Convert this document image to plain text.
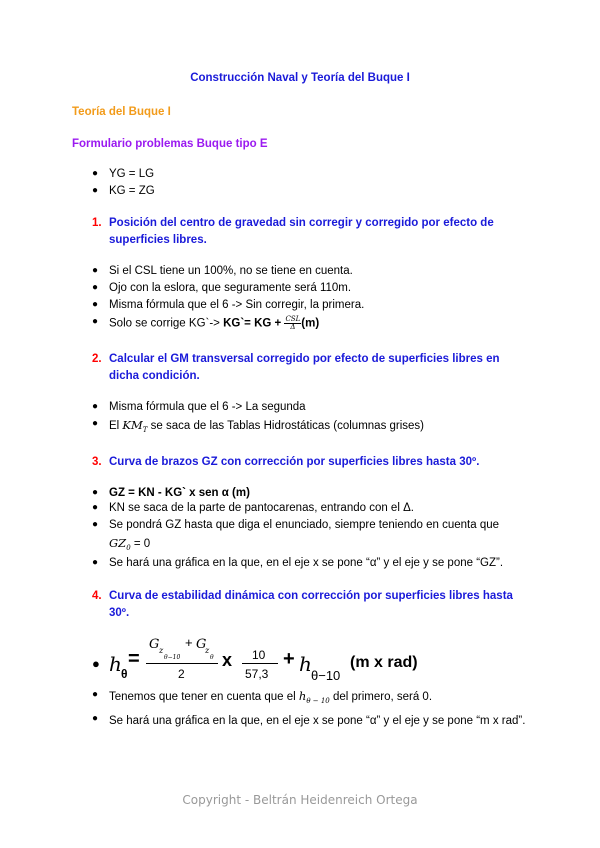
Construcción Naval y Teoría del Buque I
Teoría del Buque I
Formulario problemas Buque tipo E
● YG = LG
● KG = ZG
1. Posición del centro de gravedad sin corregir y corregido por efecto de superficies libres.
● Si el CSL tiene un 100%, no se tiene en cuenta.
● Ojo con la eslora, que seguramente será 110m.
● Misma fórmula que el 6 -> Sin corregir, la primera.
● Solo se corrige KG`-> KG`= KG + $\frac{\text{CSL}}{\Delta} (m)$
2. Calcular el GM transversal corregido por efecto de superficies libres en dicha condición.
● Misma fórmula que el 6 -> La segunda
● El $KM_T$ se saca de las Tablas Hidrostáticas (columnas grises)
3. Curva de brazos GZ con corrección por superficies libres hasta 30º.
● GZ = KN - KG` x sen α (m)
● KN se saca de la parte de pantocarenas, entrando con el Δ.
● Se pondrá GZ hasta que diga el enunciado, siempre teniendo en cuenta que
$GZ_0 = 0$
● Se hará una gráfica en la que, en el eje x se pone “α” y el eje y se pone “GZ”.
4. Curva de estabilidad dinámica con corrección por superficies libres hasta 30º.
● h θ
=
G z
θ−10
+ G
z
θ
2
x 10
57,3
+ h θ−10
(m x rad)
● Tenemos que tener en cuenta que el $h_{\theta - 10}$ del primero, será 0.
● Se hará una gráfica en la que, en el eje x se pone “α” y el eje y se pone “m x rad”.
Copyright - Beltrán Heidenreich Ortega
